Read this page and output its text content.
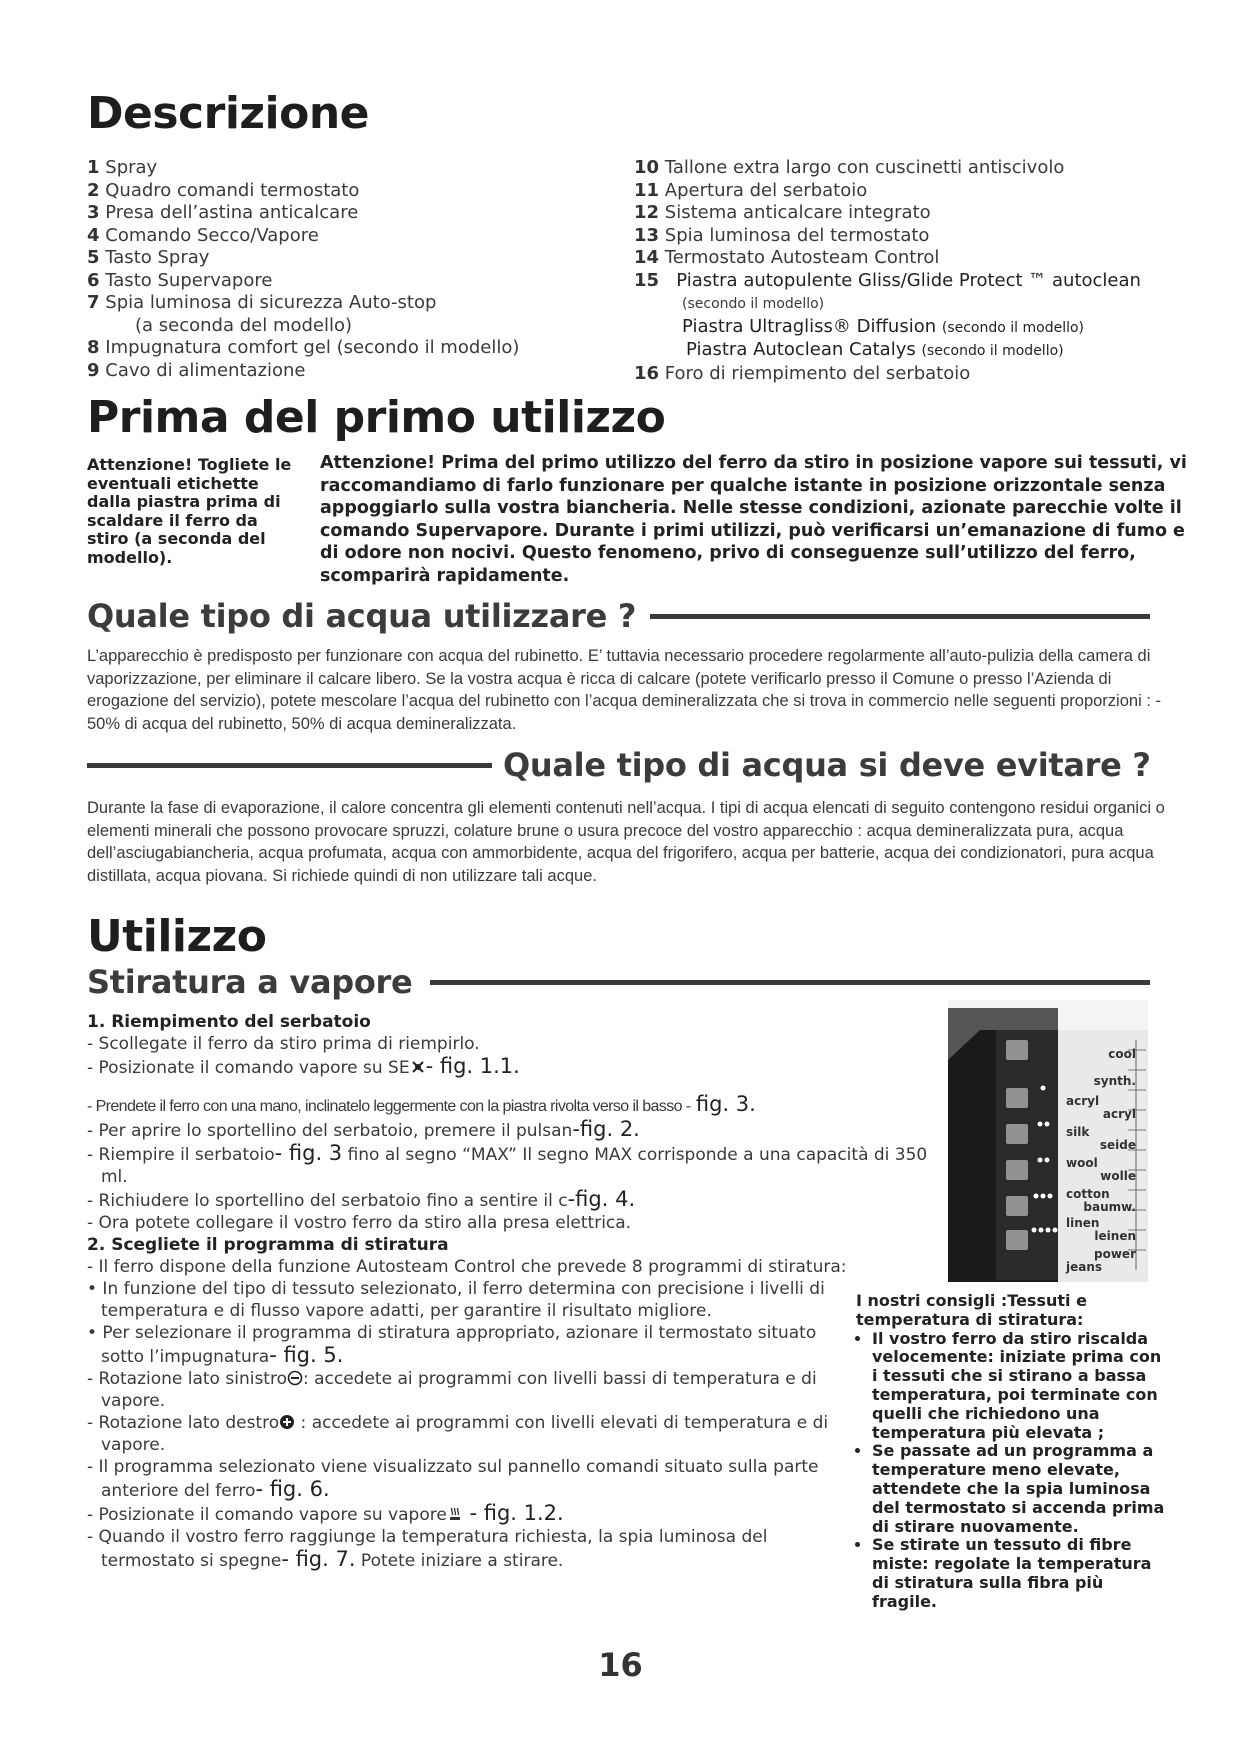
Descrizione
1 Spray
2 Quadro comandi termostato
3 Presa dell’astina anticalcare
4 Comando Secco/Vapore
5 Tasto Spray
6 Tasto Supervapore
7 Spia luminosa di sicurezza Auto-stop
(a seconda del modello)
8 Impugnatura comfort gel (secondo il modello)
9 Cavo di alimentazione
10 Tallone extra largo con cuscinetti antiscivolo
11 Apertura del serbatoio
12 Sistema anticalcare integrato
13 Spia luminosa del termostato
14 Termostato Autosteam Control
15 Piastra autopulente Gliss/Glide Protect ™ autoclean
(secondo il modello)
Piastra Ultragliss® Diffusion (secondo il modello)
Piastra Autoclean Catalys (secondo il modello)
16 Foro di riempimento del serbatoio
Prima del primo utilizzo
Attenzione! Togliete le eventuali etichette dalla piastra prima di scaldare il ferro da stiro (a seconda del modello).
Attenzione! Prima del primo utilizzo del ferro da stiro in posizione vapore sui tessuti, vi raccomandiamo di farlo funzionare per qualche istante in posizione orizzontale senza appoggiarlo sulla vostra biancheria. Nelle stesse condizioni, azionate parecchie volte il comando Supervapore. Durante i primi utilizzi, può verificarsi un’emanazione di fumo e di odore non nocivi. Questo fenomeno, privo di conseguenze sull’utilizzo del ferro, scomparirà rapidamente.
Quale tipo di acqua utilizzare ?
L’apparecchio è predisposto per funzionare con acqua del rubinetto. E’ tuttavia necessario procedere regolarmente all’auto-pulizia della camera di vaporizzazione, per eliminare il calcare libero. Se la vostra acqua è ricca di calcare (potete verificarlo presso il Comune o presso l’Azienda di erogazione del servizio), potete mescolare l’acqua del rubinetto con l’acqua demineralizzata che si trova in commercio nelle seguenti proporzioni : - 50% di acqua del rubinetto, 50% di acqua demineralizzata.
Quale tipo di acqua si deve evitare ?
Durante la fase di evaporazione, il calore concentra gli elementi contenuti nell’acqua. I tipi di acqua elencati di seguito contengono residui organici o elementi minerali che possono provocare spruzzi, colature brune o usura precoce del vostro apparecchio : acqua demineralizzata pura, acqua dell’asciugabiancheria, acqua profumata, acqua con ammorbidente, acqua del frigorifero, acqua per batterie, acqua dei condizionatori, pura acqua distillata, acqua piovana. Si richiede quindi di non utilizzare tali acque.
Utilizzo
Stiratura a vapore

1. Riempimento del serbatoio

- Scollegate il ferro da stiro prima di riempirlo.

- Posizionate il comando vapore su SE - fig. 1.1.

- Prendete il ferro con una mano, inclinatelo leggermente con la piastra rivolta verso il basso - fig. 3.

- Per aprire lo sportellino del serbatoio, premere il pulsan-fig. 2.

- Riempire il serbatoio- fig. 3 fino al segno “MAX” Il segno MAX corrisponde a una capacità di 350

ml.

- Richiudere lo sportellino del serbatoio fino a sentire il c-fig. 4.

- Ora potete collegare il vostro ferro da stiro alla presa elettrica.

2. Scegliete il programma di stiratura

- Il ferro dispone della funzione Autosteam Control che prevede 8 programmi di stiratura:

• In funzione del tipo di tessuto selezionato, il ferro determina con precisione i livelli di

temperatura e di flusso vapore adatti, per garantire il risultato migliore.

• Per selezionare il programma di stiratura appropriato, azionare il termostato situato

sotto l’impugnatura- fig. 5.

- Rotazione lato sinistro : accedete ai programmi con livelli bassi di temperatura e di

vapore.

- Rotazione lato destro : accedete ai programmi con livelli elevati di temperatura e di

vapore.

- Il programma selezionato viene visualizzato sul pannello comandi situato sulla parte

anteriore del ferro- fig. 6.

- Posizionate il comando vapore su vapore - fig. 1.2.

- Quando il vostro ferro raggiunge la temperatura richiesta, la spia luminosa del

termostato si spegne- fig. 7. Potete iniziare a stirare.

cool
synth.
acryl
acryl
silk
seide
wool
wolle
cotton
baumw.
linen
leinen
power
jeans
I nostri consigli :Tessuti e temperatura di stiratura:
• Il vostro ferro da stiro riscalda velocemente: iniziate prima con i tessuti che si stirano a bassa temperatura, poi terminate con quelli che richiedono una temperatura più elevata ;
• Se passate ad un programma a temperature meno elevate, attendete che la spia luminosa del termostato si accenda prima di stirare nuovamente.
• Se stirate un tessuto di fibre miste: regolate la temperatura di stiratura sulla fibra più fragile.
16
